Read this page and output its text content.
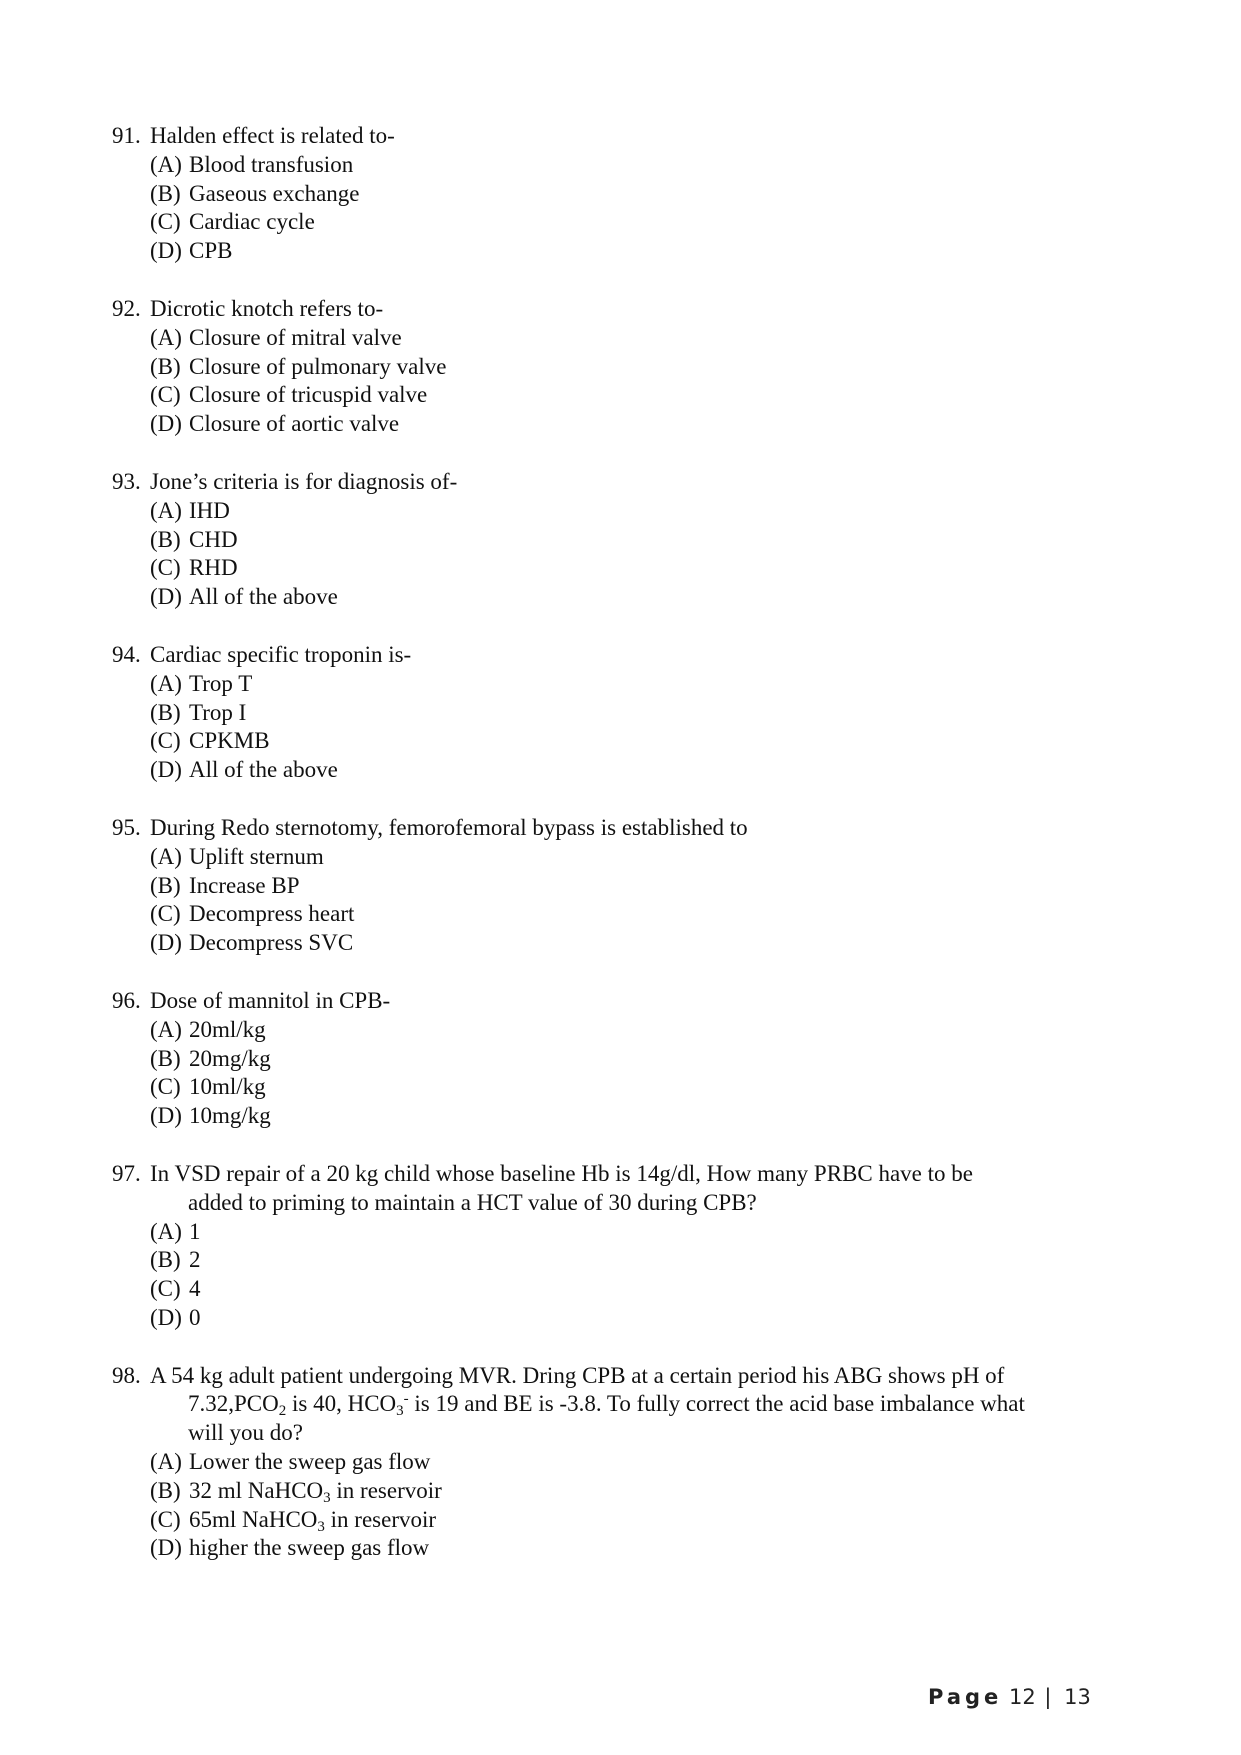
91. Halden effect is related to-
(A) Blood transfusion
(B) Gaseous exchange
(C) Cardiac cycle
(D) CPB
92. Dicrotic knotch refers to-
(A) Closure of mitral valve
(B) Closure of pulmonary valve
(C) Closure of tricuspid valve
(D) Closure of aortic valve
93. Jone’s criteria is for diagnosis of-
(A) IHD
(B) CHD
(C) RHD
(D) All of the above
94. Cardiac specific troponin is-
(A) Trop T
(B) Trop I
(C) CPKMB
(D) All of the above
95. During Redo sternotomy, femorofemoral bypass is established to
(A) Uplift sternum
(B) Increase BP
(C) Decompress heart
(D) Decompress SVC
96. Dose of mannitol in CPB-
(A) 20ml/kg
(B) 20mg/kg
(C) 10ml/kg
(D) 10mg/kg
97. In VSD repair of a 20 kg child whose baseline Hb is 14g/dl, How many PRBC have to be
added to priming to maintain a HCT value of 30 during CPB?
(A) 1
(B) 2
(C) 4
(D) 0
98. A 54 kg adult patient undergoing MVR. Dring CPB at a certain period his ABG shows pH of
$7.32,PCO_2$ is 40, $HCO_3^-$ is 19 and BE is -3.8. To fully correct the acid base imbalance what
will you do?
(A) Lower the sweep gas flow
(B) 32 ml NaHCO$_3$ in reservoir
(C) 65ml NaHCO$_3$ in reservoir
(D) higher the sweep gas flow
Page 12 | 13
